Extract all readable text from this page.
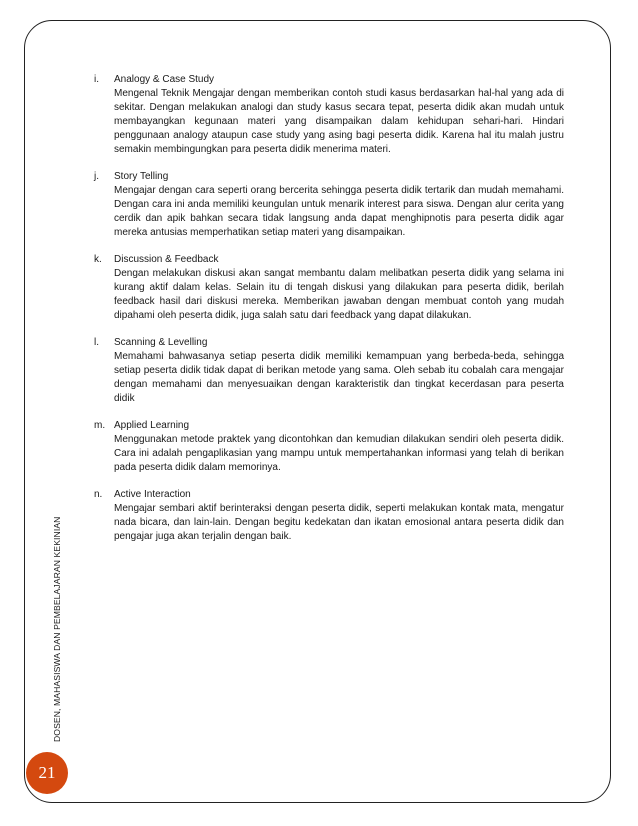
DOSEN, MAHASISWA DAN PEMBELAJARAN KEKINIAN
21
i. Analogy & Case Study
Mengenal Teknik Mengajar dengan memberikan contoh studi kasus berdasarkan hal-hal yang ada di sekitar. Dengan melakukan analogi dan study kasus secara tepat, peserta didik akan mudah untuk membayangkan kegunaan materi yang disampaikan dalam kehidupan sehari-hari. Hindari penggunaan analogy ataupun case study yang asing bagi peserta didik. Karena hal itu malah justru semakin membingungkan para peserta didik menerima materi.
j. Story Telling
Mengajar dengan cara seperti orang bercerita sehingga peserta didik tertarik dan mudah memahami. Dengan cara ini anda memiliki keungulan untuk menarik interest para siswa. Dengan alur cerita yang cerdik dan apik bahkan secara tidak langsung anda dapat menghipnotis para peserta didik agar mereka antusias memperhatikan setiap materi yang disampaikan.
k. Discussion & Feedback
Dengan melakukan diskusi akan sangat membantu dalam melibatkan peserta didik yang selama ini kurang aktif dalam kelas. Selain itu di tengah diskusi yang dilakukan para peserta didik, berilah feedback hasil dari diskusi mereka. Memberikan jawaban dengan membuat contoh yang mudah dipahami oleh peserta didik, juga salah satu dari feedback yang dapat dilakukan.
l. Scanning & Levelling
Memahami bahwasanya setiap peserta didik memiliki kemampuan yang berbeda-beda, sehingga setiap peserta didik tidak dapat di berikan metode yang sama. Oleh sebab itu cobalah cara mengajar dengan memahami dan menyesuaikan dengan karakteristik dan tingkat kecerdasan para peserta didik
m. Applied Learning
Menggunakan metode praktek yang dicontohkan dan kemudian dilakukan sendiri oleh peserta didik. Cara ini adalah pengaplikasian yang mampu untuk mempertahankan informasi yang telah di berikan pada peserta didik dalam memorinya.
n. Active Interaction
Mengajar sembari aktif berinteraksi dengan peserta didik, seperti melakukan kontak mata, mengatur nada bicara, dan lain-lain. Dengan begitu kedekatan dan ikatan emosional antara peserta didik dan pengajar juga akan terjalin dengan baik.
